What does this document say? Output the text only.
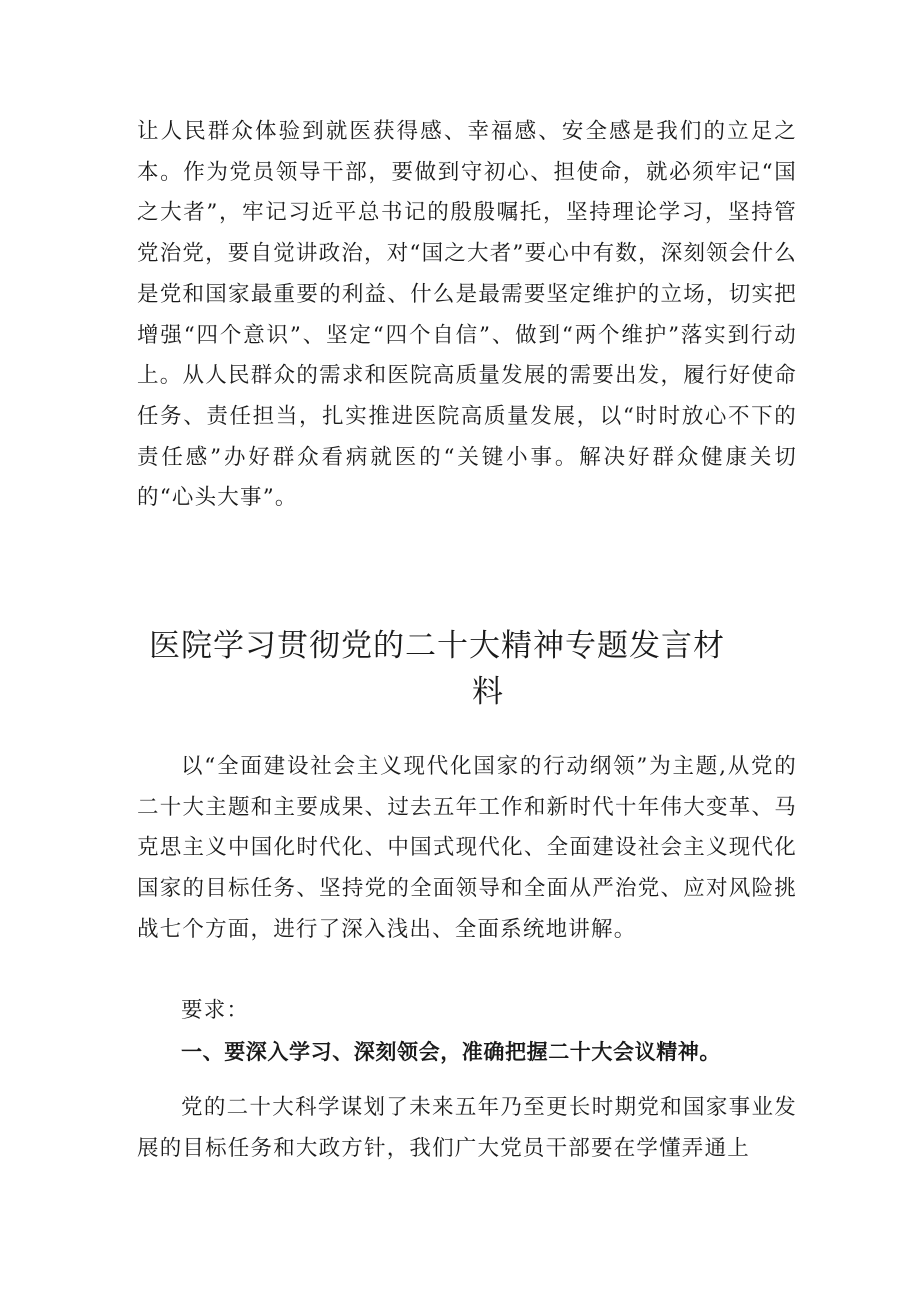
让人民群众体验到就医获得感、幸福感、安全感是我们的立足之本。作为党员领导干部，要做到守初心、担使命，就必须牢记“国之大者”，牢记习近平总书记的殷殷嘱托，坚持理论学习，坚持管党治党，要自觉讲政治，对“国之大者”要心中有数，深刻领会什么是党和国家最重要的利益、什么是最需要坚定维护的立场，切实把增强“四个意识”、坚定“四个自信”、做到“两个维护”落实到行动上。从人民群众的需求和医院高质量发展的需要出发，履行好使命任务、责任担当，扎实推进医院高质量发展，以“时时放心不下的责任感”办好群众看病就医的“关键小事。解决好群众健康关切的“心头大事”。

医院学习贯彻党的二十大精神专题发言材
料

以“全面建设社会主义现代化国家的行动纲领”为主题,从党的二十大主题和主要成果、过去五年工作和新时代十年伟大变革、马克思主义中国化时代化、中国式现代化、全面建设社会主义现代化国家的目标任务、坚持党的全面领导和全面从严治党、应对风险挑战七个方面，进行了深入浅出、全面系统地讲解。

要求：

一、要深入学习、深刻领会，准确把握二十大会议精神。

党的二十大科学谋划了未来五年乃至更长时期党和国家事业发展的目标任务和大政方针，我们广大党员干部要在学懂弄通上
